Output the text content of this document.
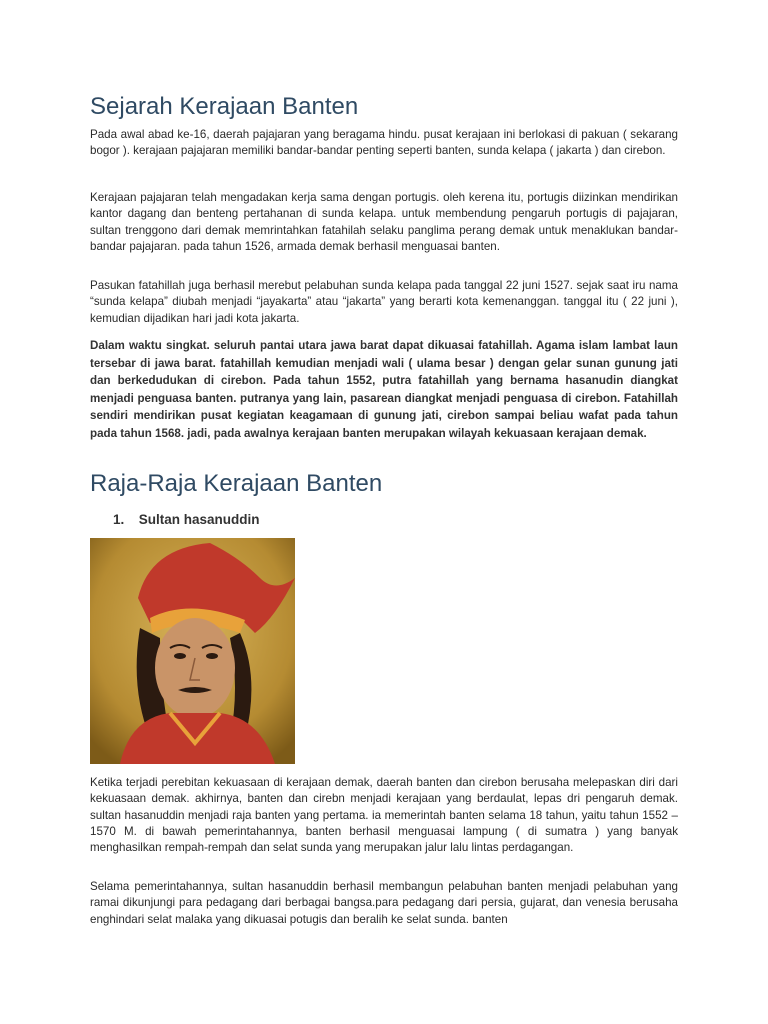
Sejarah Kerajaan Banten

Pada awal abad ke-16, daerah pajajaran yang beragama hindu. pusat kerajaan ini berlokasi di pakuan ( sekarang bogor ). kerajaan pajajaran memiliki bandar-bandar penting seperti banten, sunda kelapa ( jakarta ) dan cirebon.

Kerajaan pajajaran telah mengadakan kerja sama dengan portugis. oleh kerena itu, portugis diizinkan mendirikan kantor dagang dan benteng pertahanan di sunda kelapa. untuk membendung pengaruh portugis di pajajaran, sultan trenggono dari demak memrintahkan fatahilah selaku panglima perang demak untuk menaklukan bandar-bandar pajajaran. pada tahun 1526, armada demak berhasil menguasai banten.

Pasukan fatahillah juga berhasil merebut pelabuhan sunda kelapa pada tanggal 22 juni 1527. sejak saat iru nama “sunda kelapa” diubah menjadi “jayakarta” atau “jakarta” yang berarti kota kemenanggan. tanggal itu ( 22 juni ), kemudian dijadikan hari jadi kota jakarta.

Dalam waktu singkat. seluruh pantai utara jawa barat dapat dikuasai fatahillah. Agama islam lambat laun tersebar di jawa barat. fatahillah kemudian menjadi wali ( ulama besar ) dengan gelar sunan gunung jati dan berkedudukan di cirebon. Pada tahun 1552, putra fatahillah yang bernama hasanudin diangkat menjadi penguasa banten. putranya yang lain, pasarean diangkat menjadi penguasa di cirebon. Fatahillah sendiri mendirikan pusat kegiatan keagamaan di gunung jati, cirebon sampai beliau wafat pada tahun pada tahun 1568. jadi, pada awalnya kerajaan banten merupakan wilayah kekuasaan kerajaan demak.

Raja-Raja Kerajaan Banten
1. Sultan hasanuddin

Ketika terjadi perebitan kekuasaan di kerajaan demak, daerah banten dan cirebon berusaha melepaskan diri dari kekuasaan demak. akhirnya, banten dan cirebn menjadi kerajaan yang berdaulat, lepas dri pengaruh demak. sultan hasanuddin menjadi raja banten yang pertama. ia memerintah banten selama 18 tahun, yaitu tahun 1552 – 1570 M. di bawah pemerintahannya, banten berhasil menguasai lampung ( di sumatra ) yang banyak menghasilkan rempah-rempah dan selat sunda yang merupakan jalur lalu lintas perdagangan.

Selama pemerintahannya, sultan hasanuddin berhasil membangun pelabuhan banten menjadi pelabuhan yang ramai dikunjungi para pedagang dari berbagai bangsa.para pedagang dari persia, gujarat, dan venesia berusaha enghindari selat malaka yang dikuasai potugis dan beralih ke selat sunda. banten
